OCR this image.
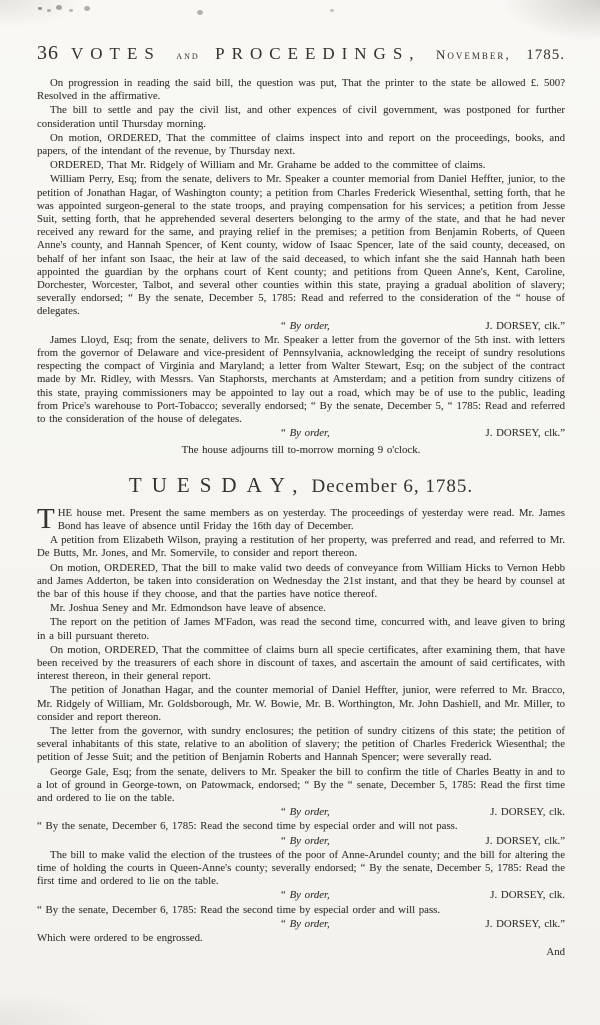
36 VOTES and PROCEEDINGS, November, 1785.

On progression in reading the said bill, the question was put, That the printer to the state be allowed £. 500? Resolved in the affirmative.

The bill to settle and pay the civil list, and other expences of civil government, was postponed for further consideration until Thursday morning.

On motion, ORDERED, That the committee of claims inspect into and report on the proceedings, books, and papers, of the intendant of the revenue, by Thursday next.

ORDERED, That Mr. Ridgely of William and Mr. Grahame be added to the committee of claims.

William Perry, Esq; from the senate, delivers to Mr. Speaker a counter memorial from Daniel Heffter, junior, to the petition of Jonathan Hagar, of Washington county; a petition from Charles Frederick Wiesenthal, setting forth, that he was appointed surgeon-general to the state troops, and praying compensation for his services; a petition from Jesse Suit, setting forth, that he apprehended several deserters belonging to the army of the state, and that he had never received any reward for the same, and praying relief in the premises; a petition from Benjamin Roberts, of Queen Anne's county, and Hannah Spencer, of Kent county, widow of Isaac Spencer, late of the said county, deceased, on behalf of her infant son Isaac, the heir at law of the said deceased, to which infant she the said Hannah hath been appointed the guardian by the orphans court of Kent county; and petitions from Queen Anne's, Kent, Caroline, Dorchester, Worcester, Talbot, and several other counties within this state, praying a gradual abolition of slavery; severally endorsed; “ By the senate, December 5, 1785: Read and referred to the consideration of the “ house of delegates.

“ By order,	J. DORSEY, clk.”

James Lloyd, Esq; from the senate, delivers to Mr. Speaker a letter from the governor of the 5th inst. with letters from the governor of Delaware and vice-president of Pennsylvania, acknowledging the receipt of sundry resolutions respecting the compact of Virginia and Maryland; a letter from Walter Stewart, Esq; on the subject of the contract made by Mr. Ridley, with Messrs. Van Staphorsts, merchants at Amsterdam; and a petition from sundry citizens of this state, praying commissioners may be appointed to lay out a road, which may be of use to the public, leading from Price's warehouse to Port-Tobacco; severally endorsed; “ By the senate, December 5, “ 1785: Read and referred to the consideration of the house of delegates.

“ By order,	J. DORSEY, clk.”
The house adjourns till to-morrow morning 9 o'clock.
TUESDAY, December 6, 1785.

THE house met. Present the same members as on yesterday. The proceedings of yesterday were read. Mr. James Bond has leave of absence until Friday the 16th day of December.

A petition from Elizabeth Wilson, praying a restitution of her property, was preferred and read, and referred to Mr. De Butts, Mr. Jones, and Mr. Somervile, to consider and report thereon.

On motion, ORDERED, That the bill to make valid two deeds of conveyance from William Hicks to Vernon Hebb and James Adderton, be taken into consideration on Wednesday the 21st instant, and that they be heard by counsel at the bar of this house if they choose, and that the parties have notice thereof.

Mr. Joshua Seney and Mr. Edmondson have leave of absence.

The report on the petition of James M'Fadon, was read the second time, concurred with, and leave given to bring in a bill pursuant thereto.

On motion, ORDERED, That the committee of claims burn all specie certificates, after examining them, that have been received by the treasurers of each shore in discount of taxes, and ascertain the amount of said certificates, with interest thereon, in their general report.

The petition of Jonathan Hagar, and the counter memorial of Daniel Heffter, junior, were referred to Mr. Bracco, Mr. Ridgely of William, Mr. Goldsborough, Mr. W. Bowie, Mr. B. Worthington, Mr. John Dashiell, and Mr. Miller, to consider and report thereon.

The letter from the governor, with sundry enclosures; the petition of sundry citizens of this state; the petition of several inhabitants of this state, relative to an abolition of slavery; the petition of Charles Frederick Wiesenthal; the petition of Jesse Suit; and the petition of Benjamin Roberts and Hannah Spencer; were severally read.

George Gale, Esq; from the senate, delivers to Mr. Speaker the bill to confirm the title of Charles Beatty in and to a lot of ground in George-town, on Patowmack, endorsed; “ By the “ senate, December 5, 1785: Read the first time and ordered to lie on the table.

“ By order,	J. DORSEY, clk.

“ By the senate, December 6, 1785: Read the second time by especial order and will not pass.

“ By order,	J. DORSEY, clk.”

The bill to make valid the election of the trustees of the poor of Anne-Arundel county; and the bill for altering the time of holding the courts in Queen-Anne's county; severally endorsed; “ By the senate, December 5, 1785: Read the first time and ordered to lie on the table.

“ By order,	J. DORSEY, clk.

“ By the senate, December 6, 1785: Read the second time by especial order and will pass.

“ By order,	J. DORSEY, clk.”

Which were ordered to be engrossed.

And
